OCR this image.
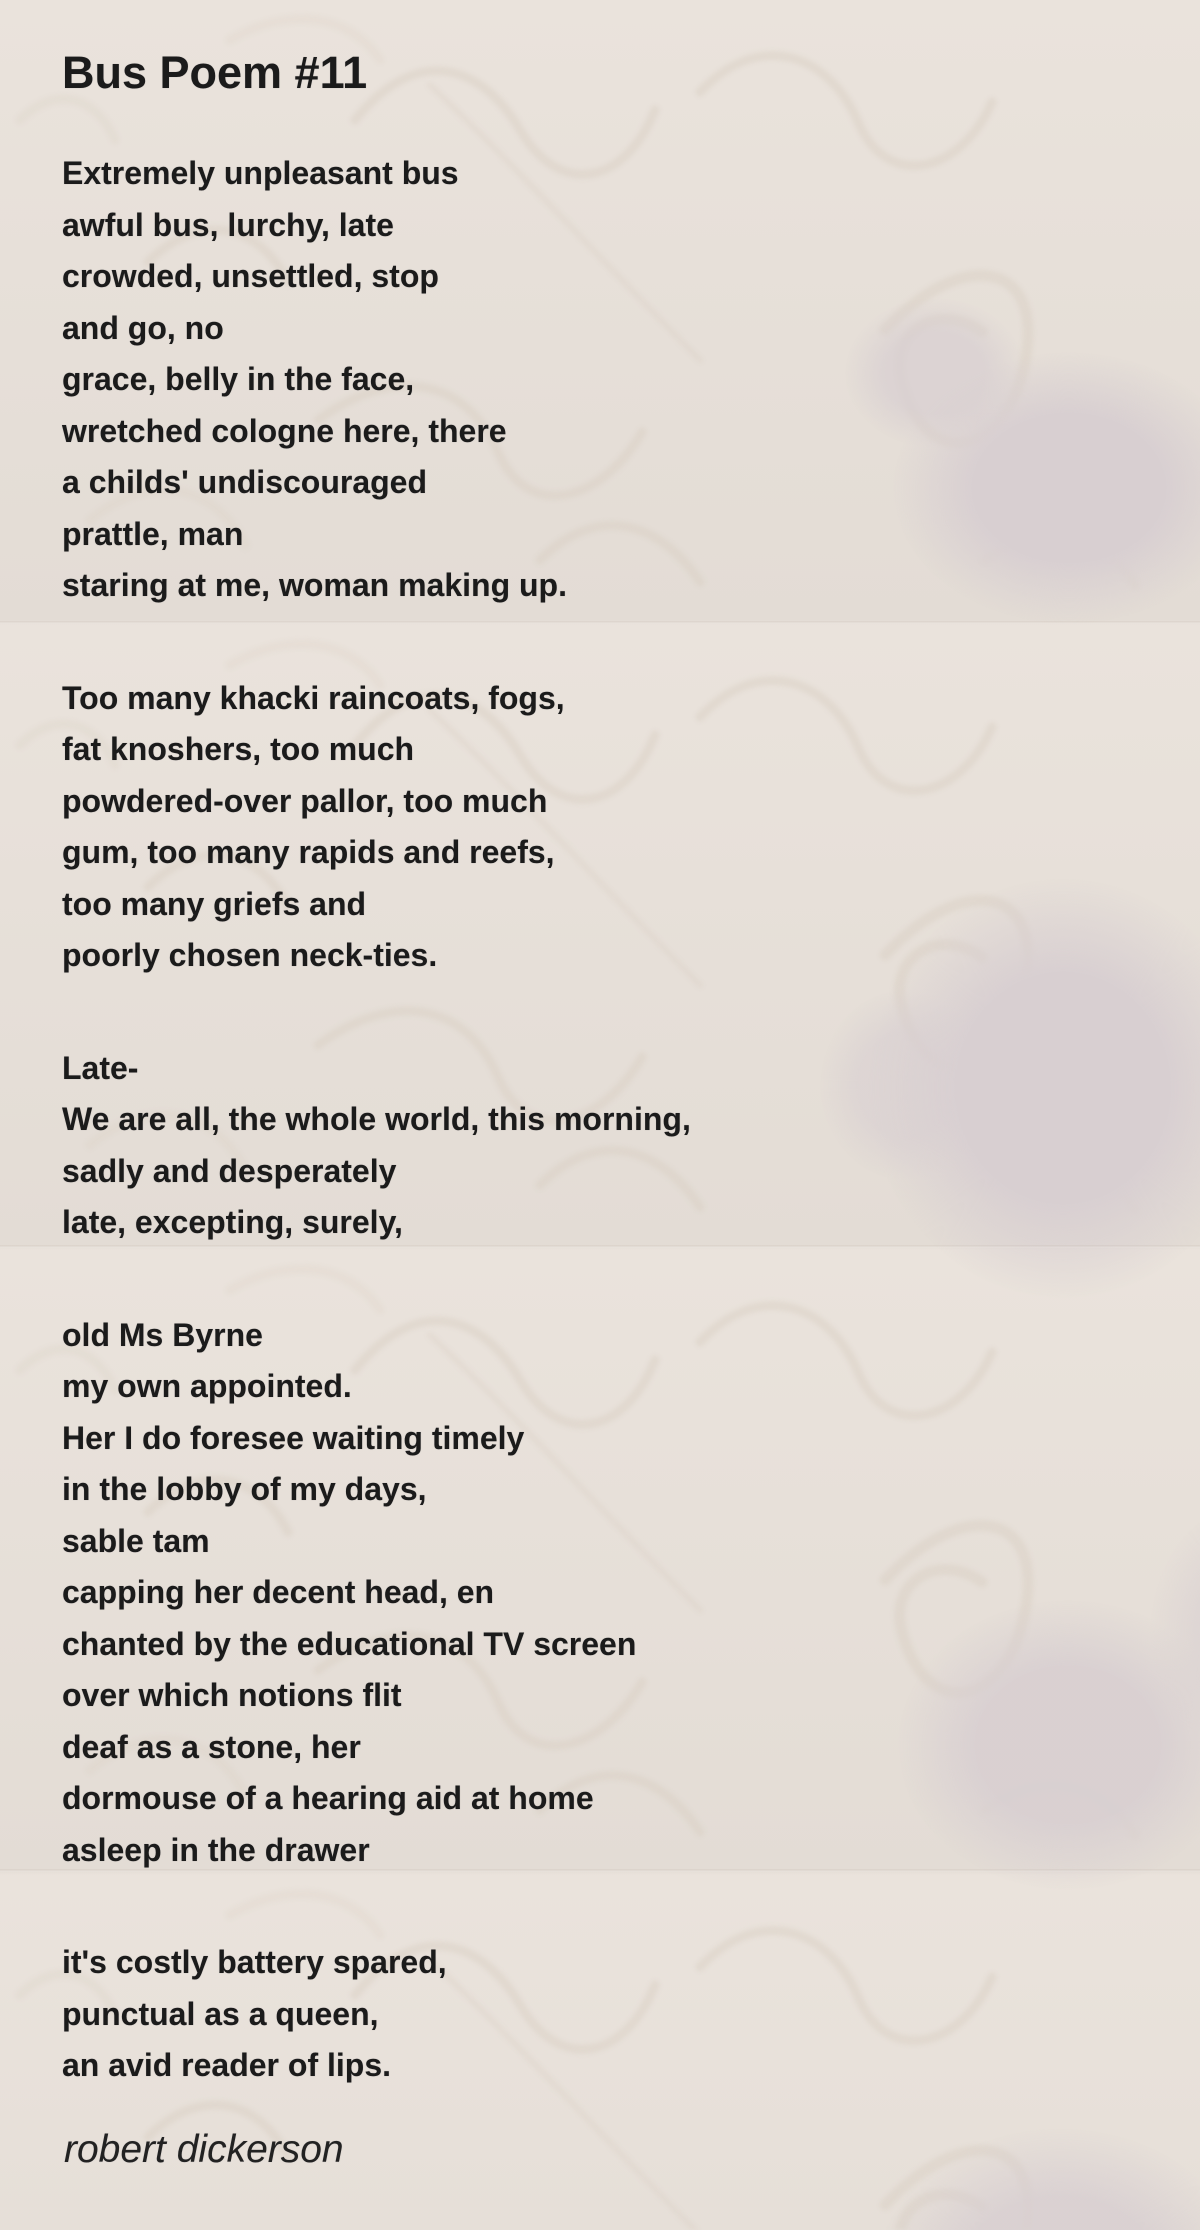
Bus Poem #11

Extremely unpleasant bus

awful bus, lurchy, late

crowded, unsettled, stop

and go, no

grace, belly in the face,

wretched cologne here, there

a childs' undiscouraged

prattle, man

staring at me, woman making up.

Too many khacki raincoats, fogs,

fat knoshers, too much

powdered-over pallor, too much

gum, too many rapids and reefs,

too many griefs and

poorly chosen neck-ties.

Late-

We are all, the whole world, this morning,

sadly and desperately

late, excepting, surely,

old Ms Byrne

my own appointed.

Her I do foresee waiting timely

in the lobby of my days,

sable tam

capping her decent head, en

chanted by the educational TV screen

over which notions flit

deaf as a stone, her

dormouse of a hearing aid at home

asleep in the drawer

it's costly battery spared,

punctual as a queen,

an avid reader of lips.

robert dickerson
